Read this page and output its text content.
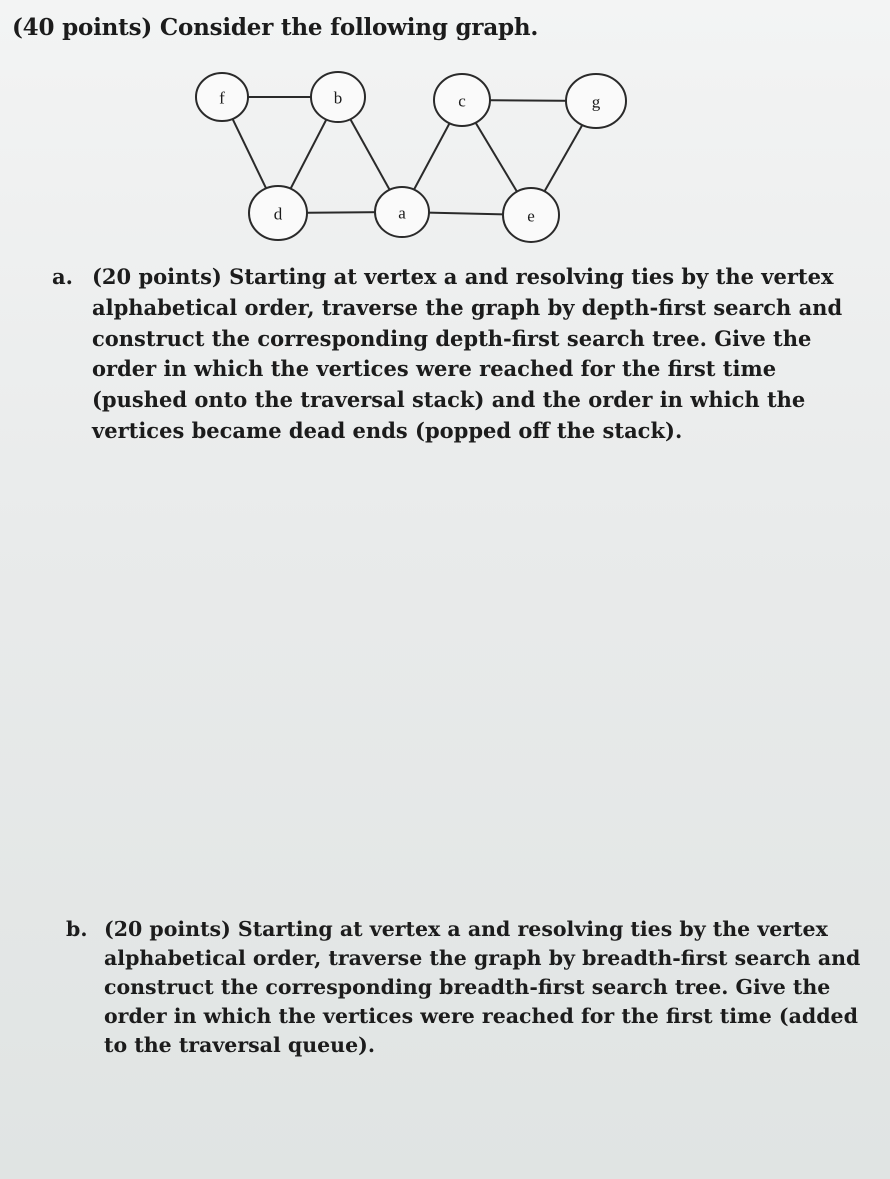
(40 points) Consider the following graph.
f	b	c	g
d	a	e
a. (20 points) Starting at vertex a and resolving ties by the vertex alphabetical order, traverse the graph by depth-first search and construct the corresponding depth-first search tree. Give the order in which the vertices were reached for the first time (pushed onto the traversal stack) and the order in which the vertices became dead ends (popped off the stack).
b. (20 points) Starting at vertex a and resolving ties by the vertex alphabetical order, traverse the graph by breadth-first search and construct the corresponding breadth-first search tree. Give the order in which the vertices were reached for the first time (added to the traversal queue).
